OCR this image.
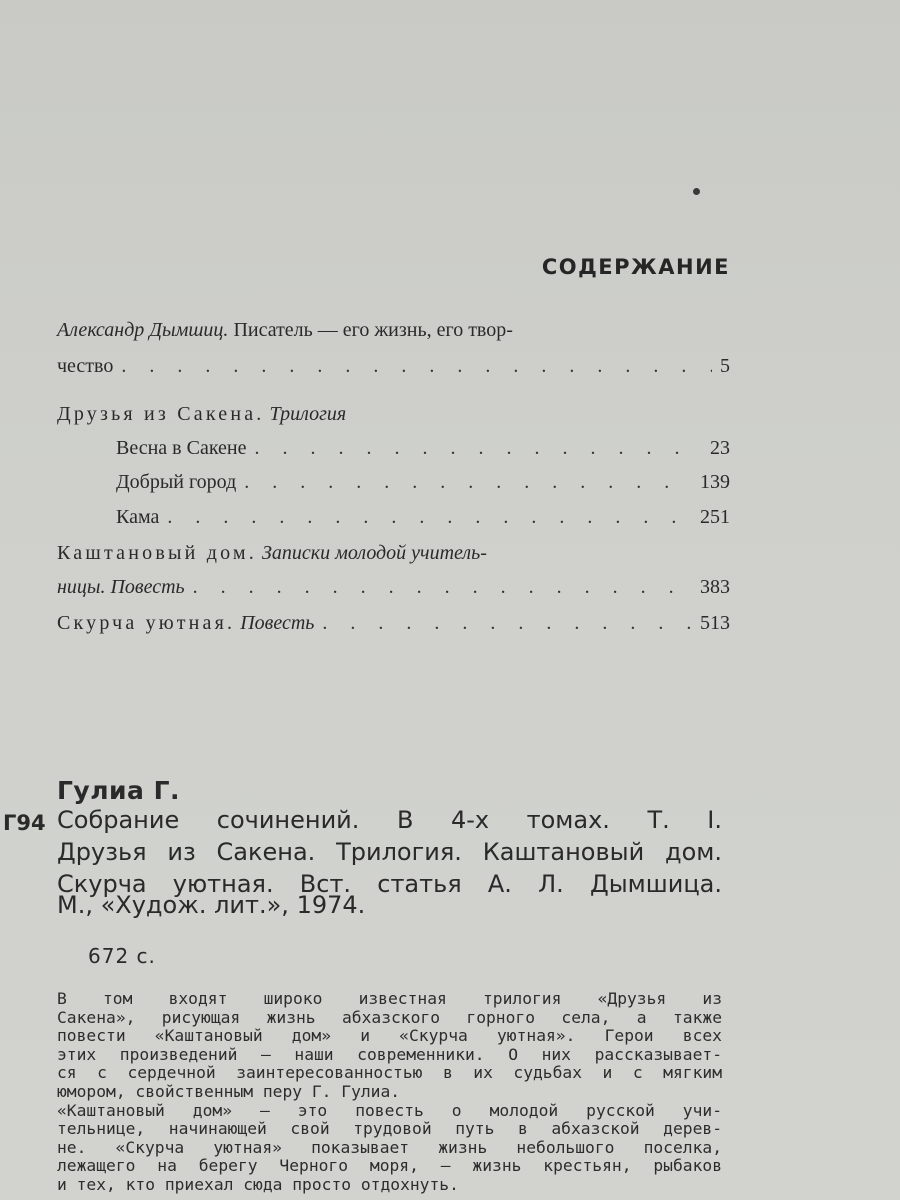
СОДЕРЖАНИЕ
Александр Дымшиц. Писатель — его жизнь, его твор-
чество . . .	5
Друзья из Сакена. Трилогия
Весна в Сакене . . .	23
Добрый город . . .	139
Кама . . .	251
Каштановый дом. Записки молодой учитель-
ницы. Повесть . . .	383
Скурча уютная. Повесть . . .	513
Гулиа Г.
Г94 Собрание сочинений. В 4-х томах. Т. I.
Друзья из Сакена. Трилогия. Каштановый дом.
Скурча уютная. Вст. статья А. Л. Дымшица.
М., «Худож. лит.», 1974.
672 с.

В том входят широко известная трилогия «Друзья из
Сакена», рисующая жизнь абхазского горного села, а также
повести «Каштановый дом» и «Скурча уютная». Герои всех
этих произведений — наши современники. О них рассказывает-
ся с сердечной заинтересованностью в их судьбах и с мягким
юмором, свойственным перу Г. Гулиа.

«Каштановый дом» — это повесть о молодой русской учи-
тельнице, начинающей свой трудовой путь в абхазской дерев-
не. «Скурча уютная» показывает жизнь небольшого поселка,
лежащего на берегу Черного моря, — жизнь крестьян, рыбаков
и тех, кто приехал сюда просто отдохнуть.
